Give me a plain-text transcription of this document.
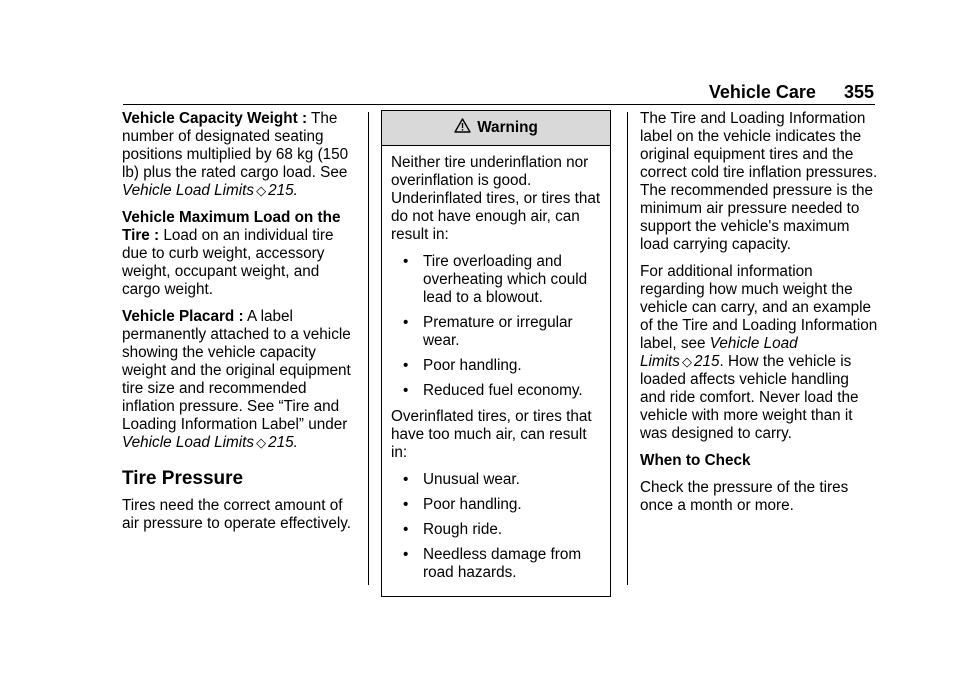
Vehicle Care 355

Vehicle Capacity Weight : The number of designated seating positions multiplied by 68 kg (150 lb) plus the rated cargo load. See Vehicle Load Limits ◇ 215.

Vehicle Maximum Load on the Tire : Load on an individual tire due to curb weight, accessory weight, occupant weight, and cargo weight.

Vehicle Placard : A label permanently attached to a vehicle showing the vehicle capacity weight and the original equipment tire size and recommended inflation pressure. See “Tire and Loading Information Label” under Vehicle Load Limits ◇ 215.

Tire Pressure

Tires need the correct amount of air pressure to operate effectively.

Warning

Neither tire underinflation nor overinflation is good. Underinflated tires, or tires that do not have enough air, can result in:

• Tire overloading and overheating which could lead to a blowout.
• Premature or irregular wear.
• Poor handling.
• Reduced fuel economy.

Overinflated tires, or tires that have too much air, can result in:

• Unusual wear.
• Poor handling.
• Rough ride.
• Needless damage from road hazards.

The Tire and Loading Information label on the vehicle indicates the original equipment tires and the correct cold tire inflation pressures. The recommended pressure is the minimum air pressure needed to support the vehicle's maximum load carrying capacity.

For additional information regarding how much weight the vehicle can carry, and an example of the Tire and Loading Information label, see Vehicle Load Limits ◇ 215. How the vehicle is loaded affects vehicle handling and ride comfort. Never load the vehicle with more weight than it was designed to carry.

When to Check

Check the pressure of the tires once a month or more.
